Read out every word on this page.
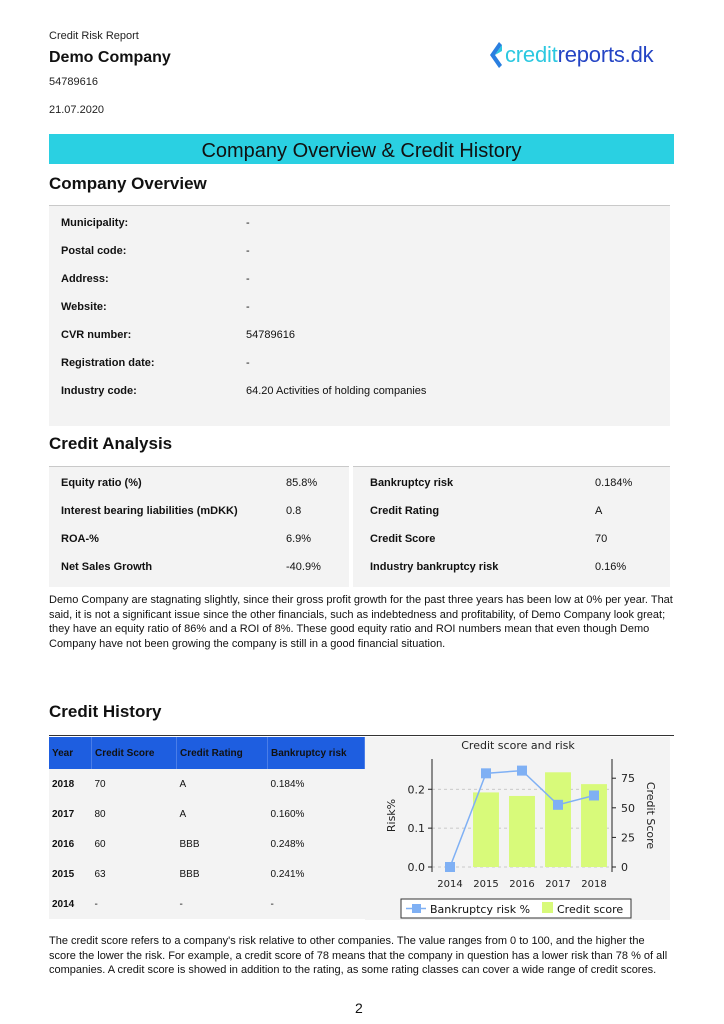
Credit Risk Report
Demo Company
54789616
21.07.2020
credit reports.dk
Company Overview & Credit History
Company Overview
Municipality:	-
Postal code:	-
Address:	-
Website:	-
CVR number:	54789616
Registration date:	-
Industry code:	64.20 Activities of holding companies
Credit Analysis
Equity ratio (%)	85.8%
Interest bearing liabilities (mDKK)	0.8
ROA-%	6.9%
Net Sales Growth	-40.9%
Bankruptcy risk	0.184%
Credit Rating	A
Credit Score	70
Industry bankruptcy risk	0.16%
Demo Company are stagnating slightly, since their gross profit growth for the past three years has been low at 0% per year. That said, it is not a significant issue since the other financials, such as indebtedness and profitability, of Demo Company look great; they have an equity ratio of 86% and a ROI of 8%. These good equity ratio and ROI numbers mean that even though Demo Company have not been growing the company is still in a good financial situation.
Credit History
Year	Credit Score	Credit Rating	Bankruptcy risk
2018	70	A	0.184%
2017	80	A	0.160%
2016	60	BBB	0.248%
2015	63	BBB	0.241%
2014	-	-	-
Credit score and risk
0.0
0.1
0.2
0
25
50
75
2014 2015 2016 2017 2018
Risk%	Credit Score
Bankruptcy risk % Credit score
The credit score refers to a company's risk relative to other companies. The value ranges from 0 to 100, and the higher the score the lower the risk. For example, a credit score of 78 means that the company in question has a lower risk than 78 % of all companies. A credit score is showed in addition to the rating, as some rating classes can cover a wide range of credit scores.
2
